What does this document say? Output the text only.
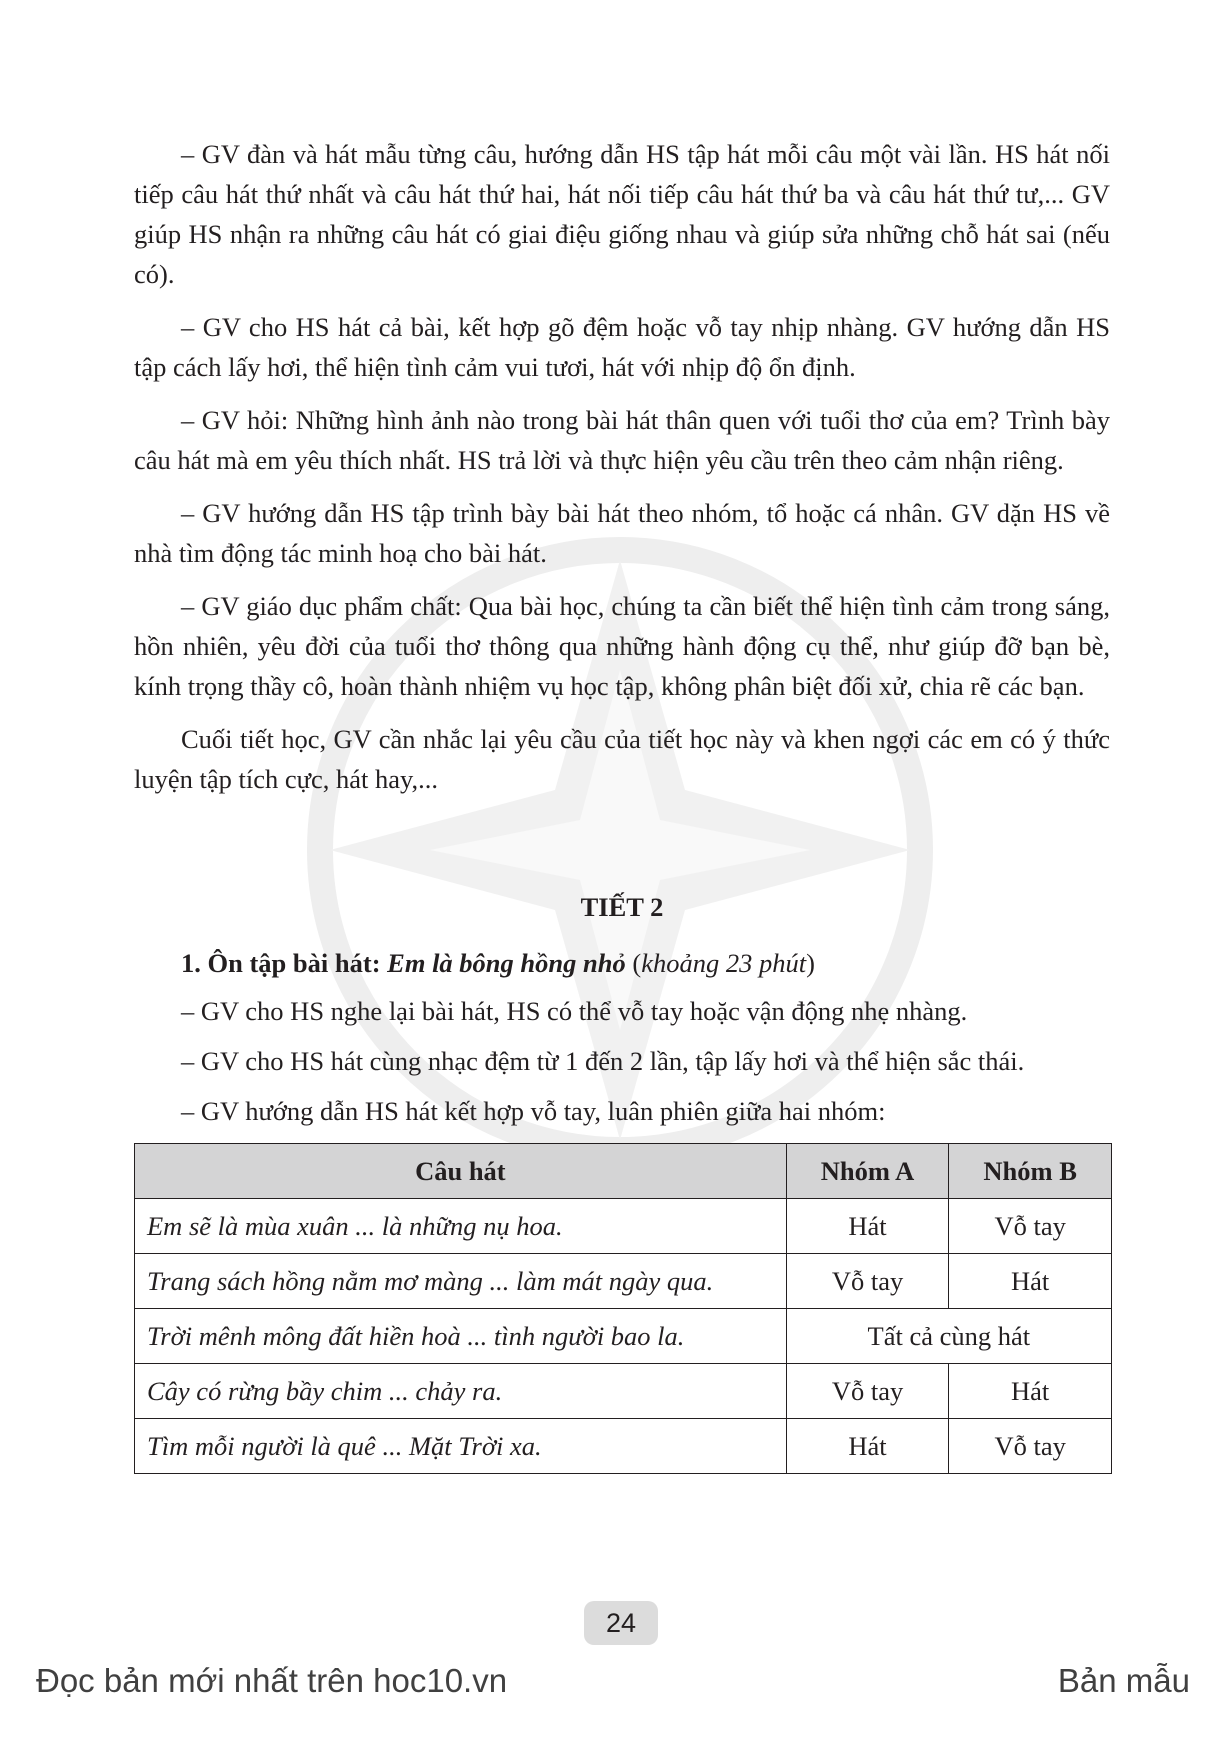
– GV đàn và hát mẫu từng câu, hướng dẫn HS tập hát mỗi câu một vài lần. HS hát nối tiếp câu hát thứ nhất và câu hát thứ hai, hát nối tiếp câu hát thứ ba và câu hát thứ tư,... GV giúp HS nhận ra những câu hát có giai điệu giống nhau và giúp sửa những chỗ hát sai (nếu có).

– GV cho HS hát cả bài, kết hợp gõ đệm hoặc vỗ tay nhịp nhàng. GV hướng dẫn HS tập cách lấy hơi, thể hiện tình cảm vui tươi, hát với nhịp độ ổn định.

– GV hỏi: Những hình ảnh nào trong bài hát thân quen với tuổi thơ của em? Trình bày câu hát mà em yêu thích nhất. HS trả lời và thực hiện yêu cầu trên theo cảm nhận riêng.

– GV hướng dẫn HS tập trình bày bài hát theo nhóm, tổ hoặc cá nhân. GV dặn HS về nhà tìm động tác minh hoạ cho bài hát.

– GV giáo dục phẩm chất: Qua bài học, chúng ta cần biết thể hiện tình cảm trong sáng, hồn nhiên, yêu đời của tuổi thơ thông qua những hành động cụ thể, như giúp đỡ bạn bè, kính trọng thầy cô, hoàn thành nhiệm vụ học tập, không phân biệt đối xử, chia rẽ các bạn.

Cuối tiết học, GV cần nhắc lại yêu cầu của tiết học này và khen ngợi các em có ý thức luyện tập tích cực, hát hay,...

TIẾT 2
1. Ôn tập bài hát: Em là bông hồng nhỏ (khoảng 23 phút)
– GV cho HS nghe lại bài hát, HS có thể vỗ tay hoặc vận động nhẹ nhàng.
– GV cho HS hát cùng nhạc đệm từ 1 đến 2 lần, tập lấy hơi và thể hiện sắc thái.
– GV hướng dẫn HS hát kết hợp vỗ tay, luân phiên giữa hai nhóm:
Câu hát	Nhóm A	Nhóm B
Em sẽ là mùa xuân ... là những nụ hoa.	Hát	Vỗ tay
Trang sách hồng nằm mơ màng ... làm mát ngày qua.	Vỗ tay	Hát
Trời mênh mông đất hiền hoà ... tình người bao la.	Tất cả cùng hát	
Cây có rừng bầy chim ... chảy ra.	Vỗ tay	Hát
Tìm mỗi người là quê ... Mặt Trời xa.	Hát	Vỗ tay
24
Đọc bản mới nhất trên hoc10.vn	Bản mẫu
